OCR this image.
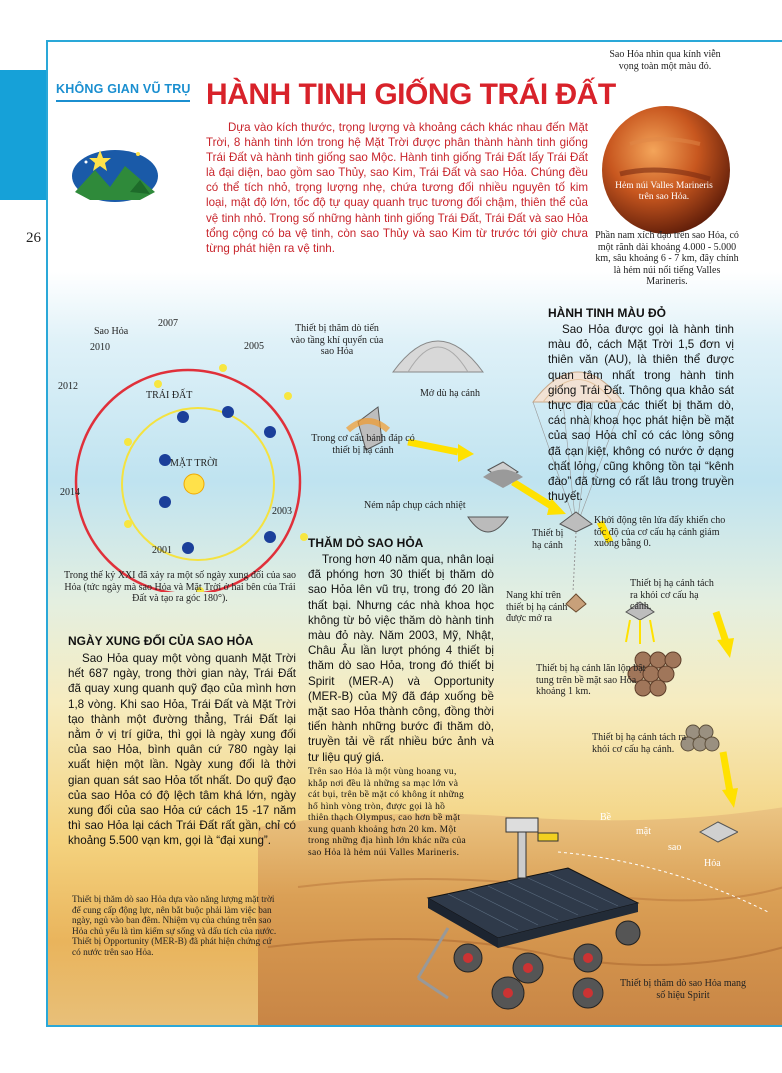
26
KHÔNG GIAN VŨ TRỤ HÀNH TINH GIỐNG TRÁI ĐẤT
Dựa vào kích thước, trọng lượng và khoảng cách khác nhau đến Mặt Trời, 8 hành tinh lớn trong hệ Mặt Trời được phân thành hành tinh giống Trái Đất và hành tinh giống sao Mộc. Hành tinh giống Trái Đất lấy Trái Đất là đại diện, bao gồm sao Thủy, sao Kim, Trái Đất và sao Hỏa. Chúng đều có thể tích nhỏ, trọng lượng nhẹ, chứa tương đối nhiều nguyên tố kim loại, mật độ lớn, tốc độ tự quay quanh trục tương đối chậm, thiên thể của vệ tinh nhỏ. Trong số những hành tinh giống Trái Đất, Trái Đất và sao Hỏa tổng cộng có ba vệ tinh, còn sao Thủy và sao Kim từ trước tới giờ chưa từng phát hiện ra vệ tinh.
Sao Hỏa nhìn qua kính viễn vọng toàn một màu đỏ.
Hẻm núi Valles Marineris trên sao Hỏa.
Phần nam xích đạo trên sao Hỏa, có một rãnh dài khoảng 4.000 - 5.000 km, sâu khoảng 6 - 7 km, đây chính là hẻm núi nổi tiếng Valles Marineris.
Sao Hỏa
2007
2010	2005
2012
TRÁI ĐẤT
MẶT TRỜI
2014
2003
2001
Trong thế kỷ XXI đã xảy ra một số ngày xung đối của sao Hỏa (tức ngày mà sao Hỏa và Mặt Trời ở hai bên của Trái Đất và tạo ra góc 180°).
NGÀY XUNG ĐỐI CỦA SAO HỎA
Sao Hỏa quay một vòng quanh Mặt Trời hết 687 ngày, trong thời gian này, Trái Đất đã quay xung quanh quỹ đạo của mình hơn 1,8 vòng. Khi sao Hỏa, Trái Đất và Mặt Trời tạo thành một đường thẳng, Trái Đất lại nằm ở vị trí giữa, thì gọi là ngày xung đối của sao Hỏa, bình quân cứ 780 ngày lại xuất hiện một lần. Ngày xung đối là thời gian quan sát sao Hỏa tốt nhất. Do quỹ đạo của sao Hỏa có độ lệch tâm khá lớn, ngày xung đối của sao Hỏa cứ cách 15 -17 năm thì sao Hỏa lại cách Trái Đất rất gần, chỉ có khoảng 5.500 vạn km, gọi là “đại xung”.
Thiết bị thăm dò sao Hỏa dựa vào năng lượng mặt trời để cung cấp động lực, nên bắt buộc phải làm việc ban ngày, ngủ vào ban đêm. Nhiệm vụ của chúng trên sao Hỏa chủ yếu là tìm kiếm sự sống và dấu tích của nước. Thiết bị Opportunity (MER-B) đã phát hiện chứng cứ có nước trên sao Hỏa.
HÀNH TINH MÀU ĐỎ
Sao Hỏa được gọi là hành tinh màu đỏ, cách Mặt Trời 1,5 đơn vị thiên văn (AU), là thiên thể được quan tâm nhất trong hành tinh giống Trái Đất. Thông qua khảo sát thực địa của các thiết bị thăm dò, các nhà khoa học phát hiện bề mặt của sao Hỏa chỉ có các lòng sông đã cạn kiệt, không có nước ở dạng chất lỏng, cũng không tồn tại “kênh đào” đã từng có rất lâu trong truyền thuyết.
THĂM DÒ SAO HỎA
Trong hơn 40 năm qua, nhân loại đã phóng hơn 30 thiết bị thăm dò sao Hỏa lên vũ trụ, trong đó 20 lần thất bại. Nhưng các nhà khoa học không từ bỏ việc thăm dò hành tinh màu đỏ này. Năm 2003, Mỹ, Nhật, Châu Âu lần lượt phóng 4 thiết bị thăm dò sao Hỏa, trong đó thiết bị Spirit (MER-A) và Opportunity (MER-B) của Mỹ đã đáp xuống bề mặt sao Hỏa thành công, đồng thời tiến hành những bước đi thăm dò, truyền tải về rất nhiều bức ảnh và tư liệu quý giá.
Thiết bị thăm dò tiến vào tầng khí quyển của sao Hỏa
Mở dù hạ cánh
Trong cơ cấu bánh đáp có thiết bị hạ cánh
Ném nắp chụp cách nhiệt
Thiết bị hạ cánh
Khởi động tên lửa đẩy khiến cho tốc độ của cơ cấu hạ cánh giảm xuống bằng 0.
Nang khí trên thiết bị hạ cánh được mở ra
Thiết bị hạ cánh tách ra khỏi cơ cấu hạ cánh.
Thiết bị hạ cánh lăn lộn bật tung trên bề mặt sao Hỏa khoảng 1 km.
Thiết bị hạ cánh tách ra khỏi cơ cấu hạ cánh.
Trên sao Hỏa là một vùng hoang vu, khắp nơi đều là những sa mạc lớn và cát bụi, trên bề mặt có không ít những hố hình vòng tròn, được gọi là hồ thiên thạch Olympus, cao hơn bề mặt xung quanh khoảng hơn 20 km. Một trong những địa hình lớn khác nữa của sao Hỏa là hẻm núi Valles Marineris.
Bề
mặt
sao
Hỏa
Thiết bị thăm dò sao Hỏa mang số hiệu Spirit
